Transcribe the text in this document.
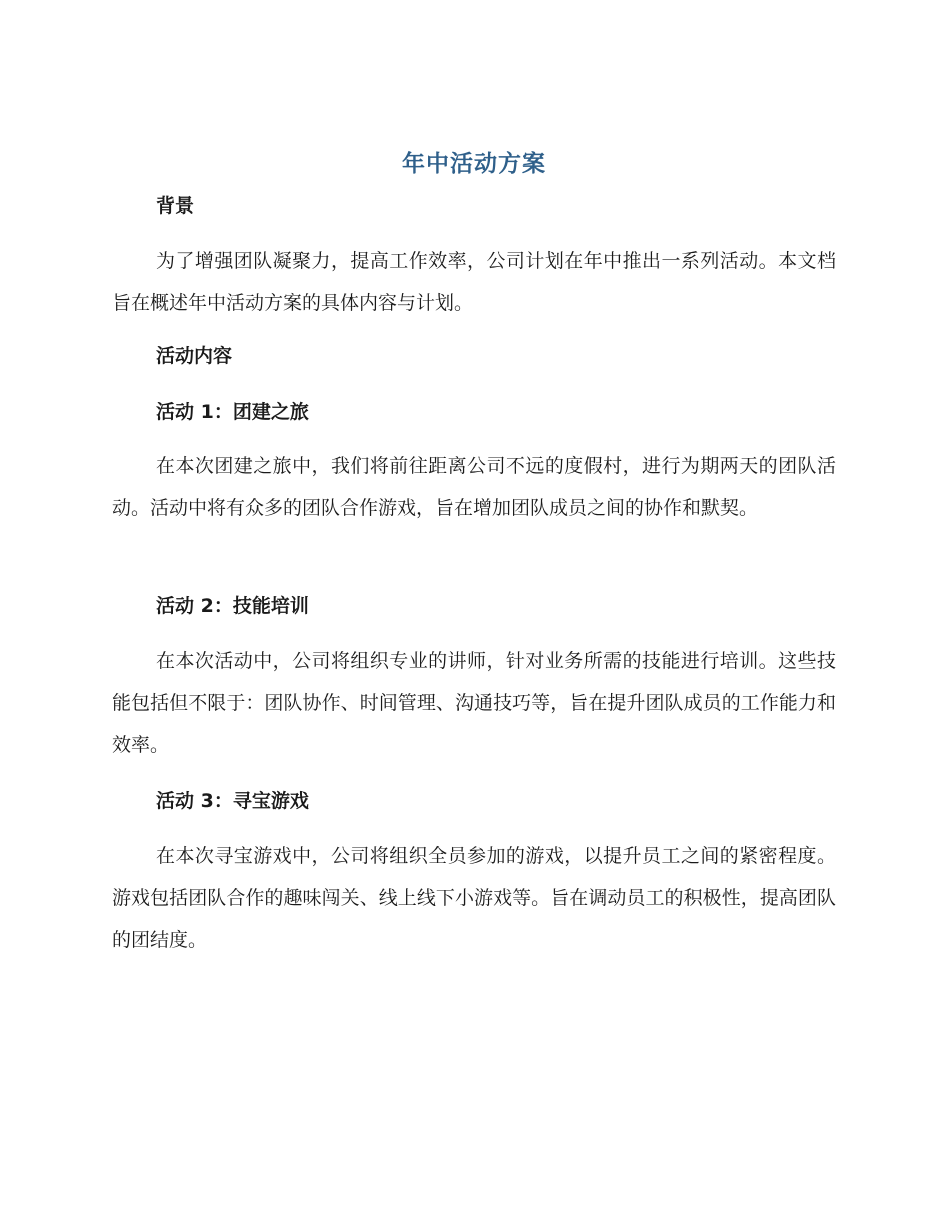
年中活动方案
背景
为了增强团队凝聚力，提高工作效率，公司计划在年中推出一系列活动。本文档旨在概述年中活动方案的具体内容与计划。
活动内容
活动 1：团建之旅
在本次团建之旅中，我们将前往距离公司不远的度假村，进行为期两天的团队活动。活动中将有众多的团队合作游戏，旨在增加团队成员之间的协作和默契。
活动 2：技能培训
在本次活动中，公司将组织专业的讲师，针对业务所需的技能进行培训。这些技能包括但不限于：团队协作、时间管理、沟通技巧等，旨在提升团队成员的工作能力和效率。
活动 3：寻宝游戏
在本次寻宝游戏中，公司将组织全员参加的游戏，以提升员工之间的紧密程度。游戏包括团队合作的趣味闯关、线上线下小游戏等。旨在调动员工的积极性，提高团队的团结度。
